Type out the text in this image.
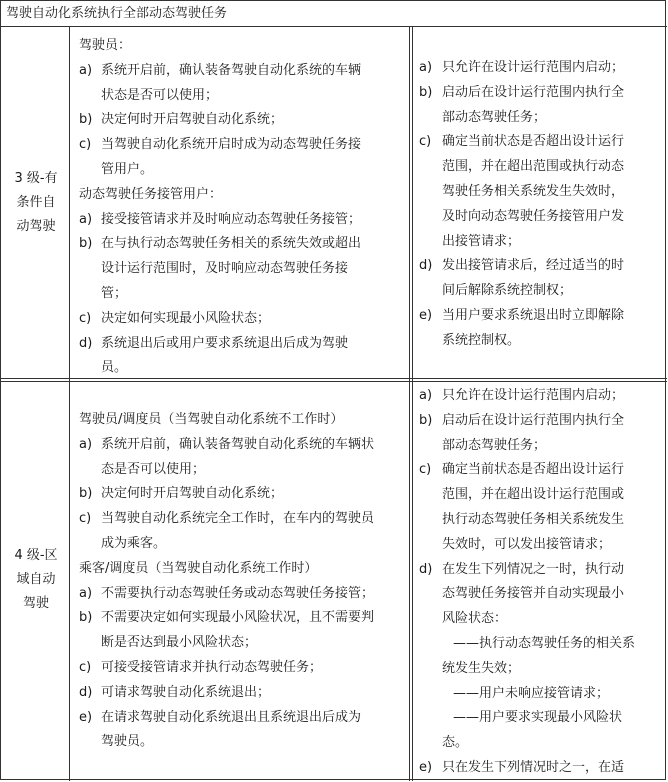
驾驶自动化系统执行全部动态驾驶任务
3 级-有
条件自
动驾驶
驾驶员：
a) 系统开启前，确认装备驾驶自动化系统的车辆
状态是否可以使用；
b) 决定何时开启驾驶自动化系统；
c) 当驾驶自动化系统开启时成为动态驾驶任务接
管用户。
动态驾驶任务接管用户：
a) 接受接管请求并及时响应动态驾驶任务接管；
b) 在与执行动态驾驶任务相关的系统失效或超出
设计运行范围时，及时响应动态驾驶任务接
管；
c) 决定如何实现最小风险状态；
d) 系统退出后或用户要求系统退出后成为驾驶
员。
a) 只允许在设计运行范围内启动；
b) 启动后在设计运行范围内执行全
部动态驾驶任务；
c) 确定当前状态是否超出设计运行
范围，并在超出范围或执行动态
驾驶任务相关系统发生失效时，
及时向动态驾驶任务接管用户发
出接管请求；
d) 发出接管请求后，经过适当的时
间后解除系统控制权；
e) 当用户要求系统退出时立即解除
系统控制权。
4 级-区
域自动
驾驶
驾驶员/调度员（当驾驶自动化系统不工作时）
a) 系统开启前，确认装备驾驶自动化系统的车辆状
态是否可以使用；
b) 决定何时开启驾驶自动化系统；
c) 当驾驶自动化系统完全工作时，在车内的驾驶员
成为乘客。
乘客/调度员（当驾驶自动化系统工作时）
a) 不需要执行动态驾驶任务或动态驾驶任务接管；
b) 不需要决定如何实现最小风险状况，且不需要判
断是否达到最小风险状态；
c) 可接受接管请求并执行动态驾驶任务；
d) 可请求驾驶自动化系统退出；
e) 在请求驾驶自动化系统退出且系统退出后成为
驾驶员。
a) 只允许在设计运行范围内启动；
b) 启动后在设计运行范围内执行全
部动态驾驶任务；
c) 确定当前状态是否超出设计运行
范围，并在超出设计运行范围或
执行动态驾驶任务相关系统发生
失效时，可以发出接管请求；
d) 在发生下列情况之一时，执行动
态驾驶任务接管并自动实现最小
风险状态：
——执行动态驾驶任务的相关系
统发生失效；
——用户未响应接管请求；
——用户要求实现最小风险状
态。
e) 只在发生下列情况时之一，在适
